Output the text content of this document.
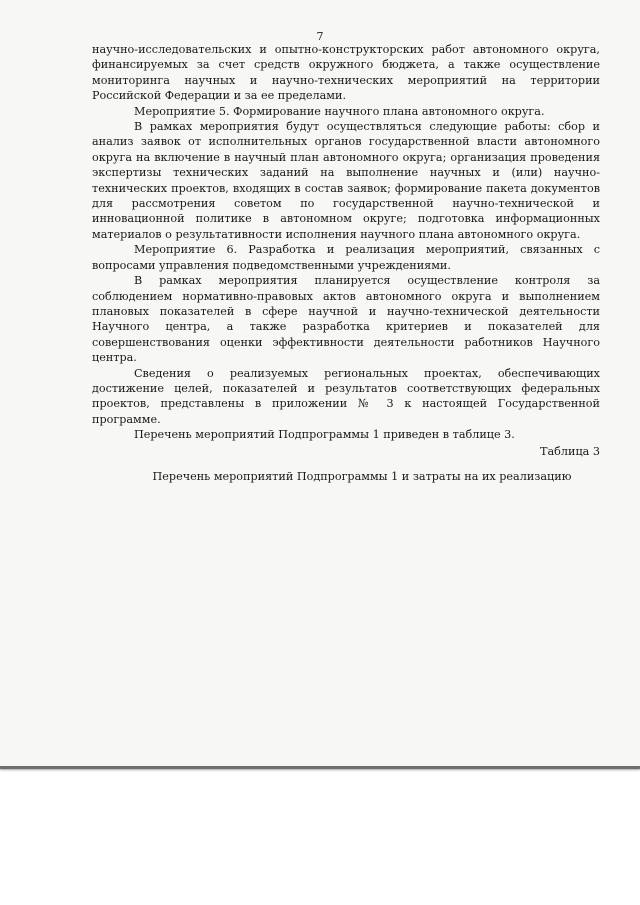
7

научно-исследовательских и опытно-конструкторских работ автономного округа, финансируемых за счет средств окружного бюджета, а также осуществление мониторинга научных и научно-технических мероприятий на территории Российской Федерации и за ее пределами.

Мероприятие 5. Формирование научного плана автономного округа.

В рамках мероприятия будут осуществляться следующие работы: сбор и анализ заявок от исполнительных органов государственной власти автономного округа на включение в научный план автономного округа; организация проведения экспертизы технических заданий на выполнение научных и (или) научно-технических проектов, входящих в состав заявок; формирование пакета документов для рассмотрения советом по государственной научно-технической и инновационной политике в автономном округе; подготовка информационных материалов о результативности исполнения научного плана автономного округа.

Мероприятие 6. Разработка и реализация мероприятий, связанных с вопросами управления подведомственными учреждениями.

В рамках мероприятия планируется осуществление контроля за соблюдением нормативно-правовых актов автономного округа и выполнением плановых показателей в сфере научной и научно-технической деятельности Научного центра, а также разработка критериев и показателей для совершенствования оценки эффективности деятельности работников Научного центра.

Сведения о реализуемых региональных проектах, обеспечивающих достижение целей, показателей и результатов соответствующих федеральных проектов, представлены в приложении № 3 к настоящей Государственной программе.

Перечень мероприятий Подпрограммы 1 приведен в таблице 3.

Таблица 3
Перечень мероприятий Подпрограммы 1 и затраты на их реализацию
